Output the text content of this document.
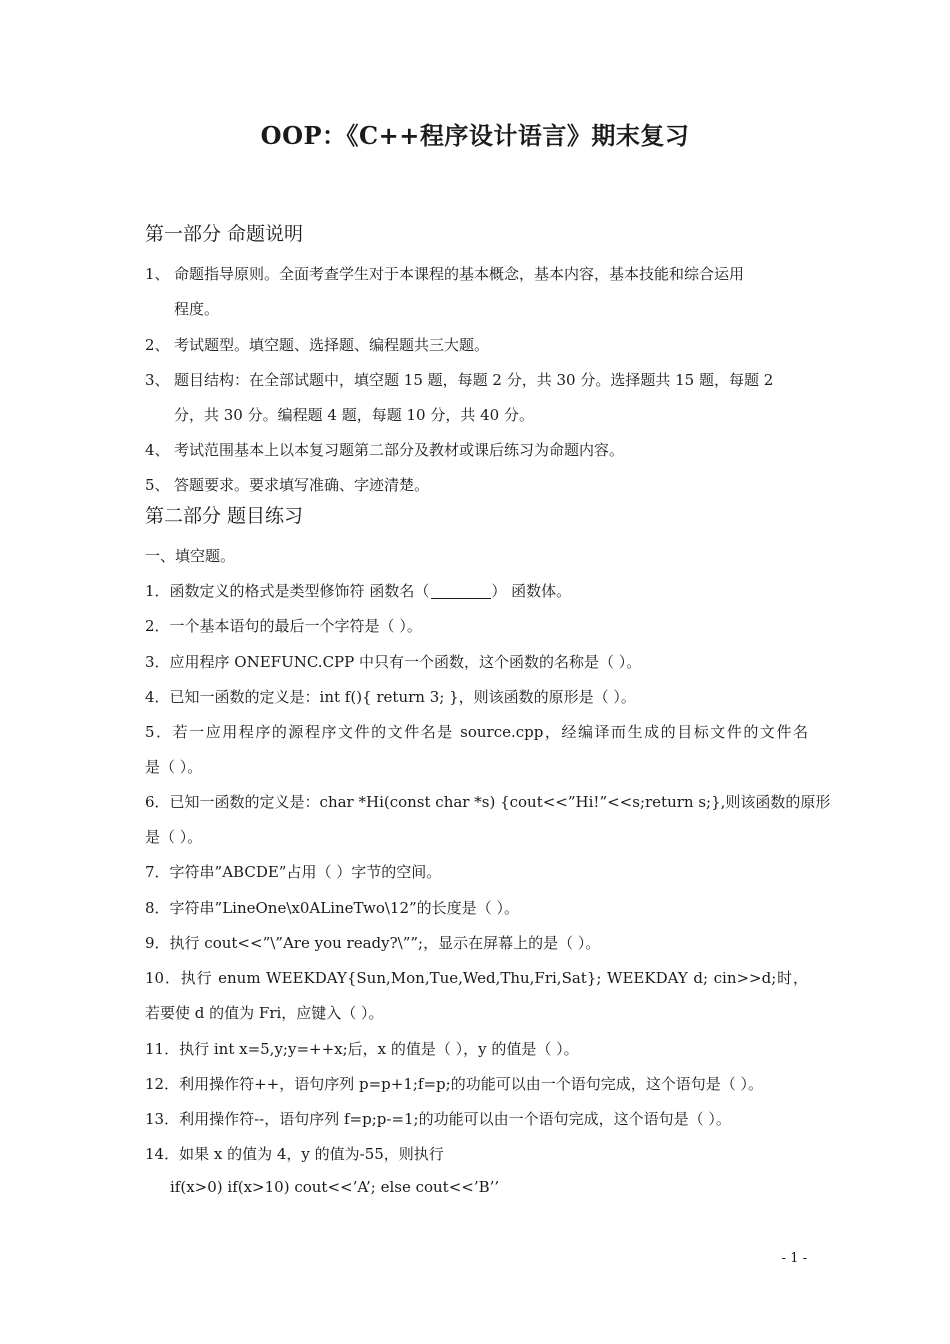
OOP：《C++程序设计语言》期末复习
第一部分 命题说明
1、 命题指导原则。全面考查学生对于本课程的基本概念，基本内容，基本技能和综合运用
程度。
2、 考试题型。填空题、选择题、编程题共三大题。
3、 题目结构：在全部试题中，填空题 15 题，每题 2 分，共 30 分。选择题共 15 题，每题 2
分，共 30 分。编程题 4 题，每题 10 分，共 40 分。
4、 考试范围基本上以本复习题第二部分及教材或课后练习为命题内容。
5、 答题要求。要求填写准确、字迹清楚。
第二部分 题目练习
一、填空题。
1．函数定义的格式是类型修饰符 函数名（	） 函数体。
2．一个基本语句的最后一个字符是（ ）。
3．应用程序 ONEFUNC.CPP 中只有一个函数，这个函数的名称是（ ）。
4．已知一函数的定义是：int f(){ return 3; }，则该函数的原形是（ ）。
5．若一应用程序的源程序文件的文件名是 source.cpp，经编译而生成的目标文件的文件名
是（ ）。
6．已知一函数的定义是：char *Hi(const char *s) {cout<<”Hi!”<<s;return s;},则该函数的原形
是（ ）。
7．字符串”ABCDE”占用（ ）字节的空间。
8．字符串”LineOne\x0ALineTwo\12”的长度是（ ）。
9．执行 cout<<”\”Are you ready?\””;，显示在屏幕上的是（ ）。
10．执行 enum WEEKDAY{Sun,Mon,Tue,Wed,Thu,Fri,Sat}; WEEKDAY d; cin>>d;时，
若要使 d 的值为 Fri，应键入（ ）。
11．执行 int x=5,y;y=++x;后，x 的值是（ ），y 的值是（ ）。
12．利用操作符++，语句序列 p=p+1;f=p;的功能可以由一个语句完成，这个语句是（ ）。
13．利用操作符--，语句序列 f=p;p-=1;的功能可以由一个语句完成，这个语句是（ ）。
14．如果 x 的值为 4，y 的值为-55，则执行
if(x>0) if(x>10) cout<<’A’; else cout<<’B’’
- 1 -
